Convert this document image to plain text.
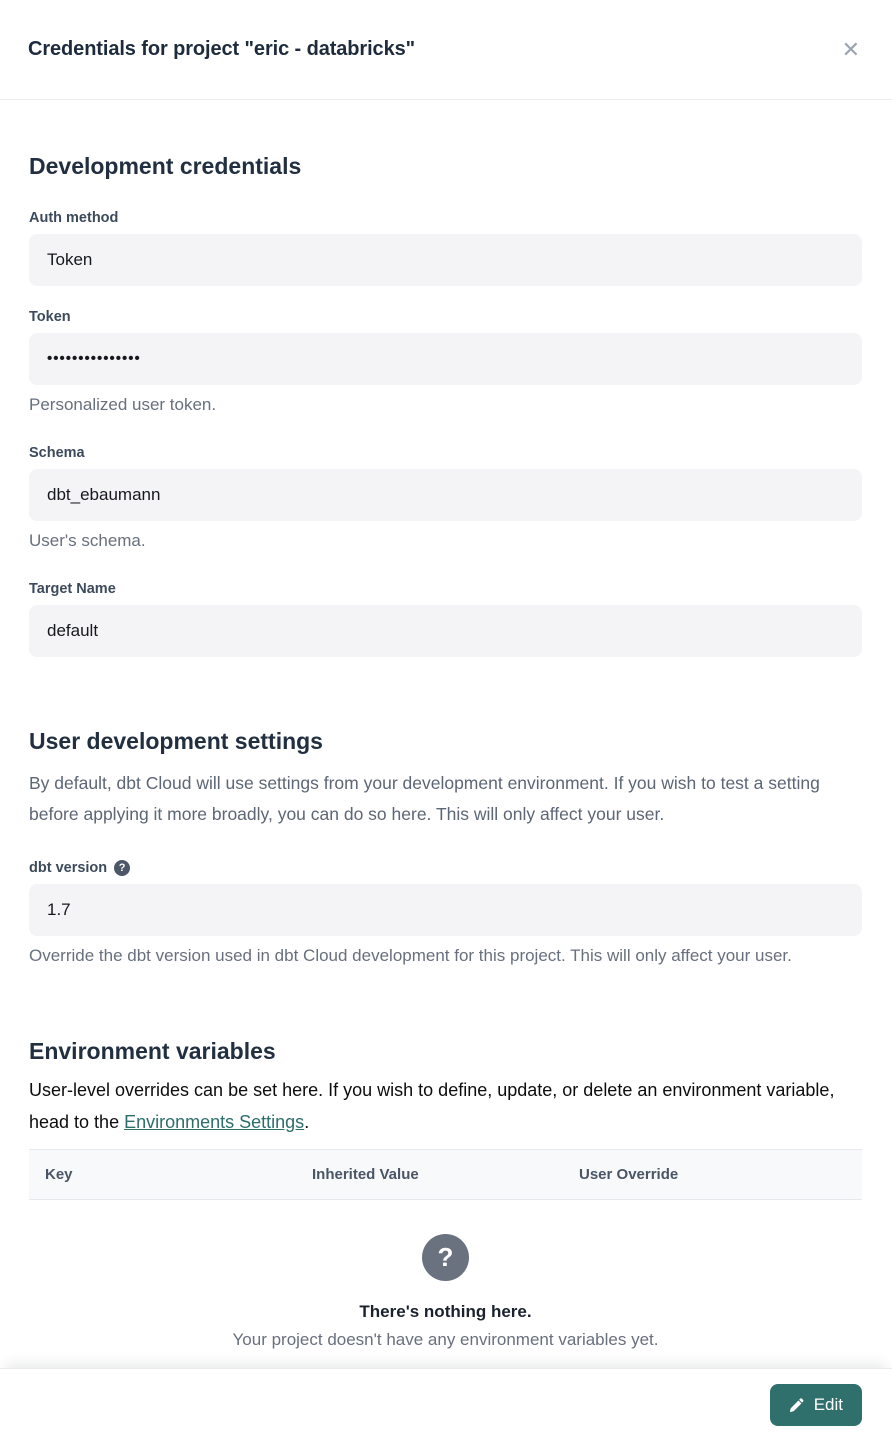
Credentials for project "eric - databricks"	✕
Development credentials
Auth method
Token
Token
•••••••••••••••

Personalized user token.

Schema
dbt_ebaumann

User's schema.

Target Name
default
User development settings

By default, dbt Cloud will use settings from your development environment. If you wish to test a setting before applying it more broadly, you can do so here. This will only affect your user.

dbt version	?
1.7

Override the dbt version used in dbt Cloud development for this project. This will only affect your user.

Environment variables

User-level overrides can be set here. If you wish to define, update, or delete an environment variable, head to the Environments Settings.

Key	Inherited Value	User Override
?

There's nothing here.

Your project doesn't have any environment variables yet.

Edit
